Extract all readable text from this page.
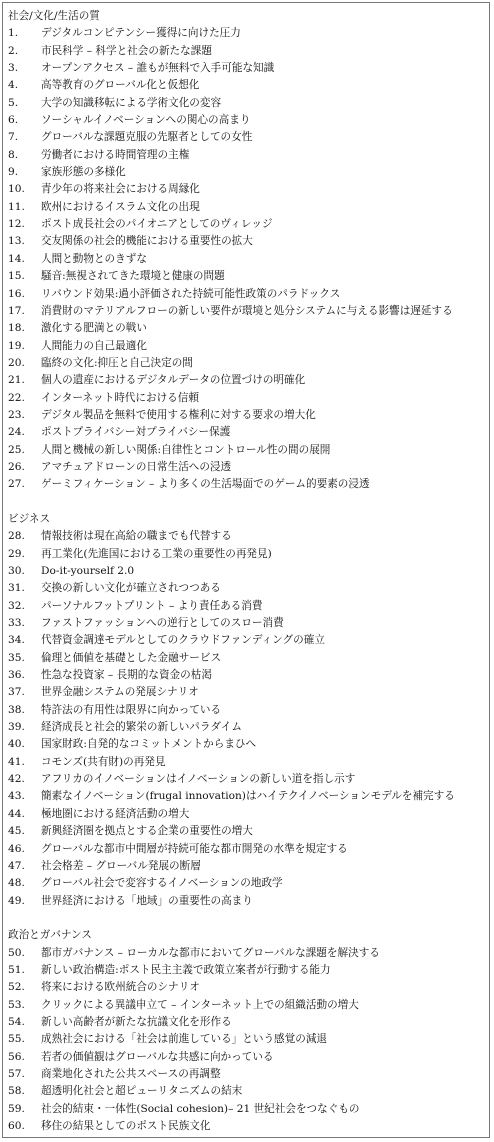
社会/文化/生活の質
1. デジタルコンピテンシー獲得に向けた圧力
2. 市民科学 – 科学と社会の新たな課題
3. オープンアクセス – 誰もが無料で入手可能な知識
4. 高等教育のグローバル化と仮想化
5. 大学の知識移転による学術文化の変容
6. ソーシャルイノベーションへの関心の高まり
7. グローバルな課題克服の先駆者としての女性
8. 労働者における時間管理の主権
9. 家族形態の多様化
10. 青少年の将来社会における周縁化
11. 欧州におけるイスラム文化の出現
12. ポスト成長社会のパイオニアとしてのヴィレッジ
13. 交友関係の社会的機能における重要性の拡大
14. 人間と動物とのきずな
15. 騒音:無視されてきた環境と健康の問題
16. リバウンド効果:過小評価された持続可能性政策のパラドックス
17. 消費財のマテリアルフローの新しい要件が環境と処分システムに与える影響は遅延する
18. 激化する肥満との戦い
19. 人間能力の自己最適化
20. 臨終の文化:抑圧と自己決定の間
21. 個人の遺産におけるデジタルデータの位置づけの明確化
22. インターネット時代における信頼
23. デジタル製品を無料で使用する権利に対する要求の増大化
24. ポストプライバシー対プライバシー保護
25. 人間と機械の新しい関係:自律性とコントロール性の間の展開
26. アマチュアドローンの日常生活への浸透
27. ゲーミフィケーション – より多くの生活場面でのゲーム的要素の浸透
ビジネス
28. 情報技術は現在高給の職までも代替する
29. 再工業化(先進国における工業の重要性の再発見)
30. Do-it-yourself 2.0
31. 交換の新しい文化が確立されつつある
32. パーソナルフットプリント – より責任ある消費
33. ファストファッションへの逆行としてのスロー消費
34. 代替資金調達モデルとしてのクラウドファンディングの確立
35. 倫理と価値を基礎とした金融サービス
36. 性急な投資家 – 長期的な資金の枯渇
37. 世界金融システムの発展シナリオ
38. 特許法の有用性は限界に向かっている
39. 経済成長と社会的繁栄の新しいパラダイム
40. 国家財政:自発的なコミットメントからまひへ
41. コモンズ(共有財)の再発見
42. アフリカのイノベーションはイノベーションの新しい道を指し示す
43. 簡素なイノベーション(frugal innovation)はハイテクイノベーションモデルを補完する
44. 極地圏における経済活動の増大
45. 新興経済圏を拠点とする企業の重要性の増大
46. グローバルな都市中間層が持続可能な都市開発の水準を規定する
47. 社会格差 – グローバル発展の断層
48. グローバル社会で変容するイノベーションの地政学
49. 世界経済における「地域」の重要性の高まり
政治とガバナンス
50. 都市ガバナンス – ローカルな都市においてグローバルな課題を解決する
51. 新しい政治構造:ポスト民主主義で政策立案者が行動する能力
52. 将来における欧州統合のシナリオ
53. クリックによる異議申立て – インターネット上での組織活動の増大
54. 新しい高齢者が新たな抗議文化を形作る
55. 成熟社会における「社会は前進している」という感覚の減退
56. 若者の価値観はグローバルな共感に向かっている
57. 商業地化された公共スペースの再調整
58. 超透明化社会と超ピューリタニズムの結末
59. 社会的結束・一体性(Social cohesion)– 21 世紀社会をつなぐもの
60. 移住の結果としてのポスト民族文化
